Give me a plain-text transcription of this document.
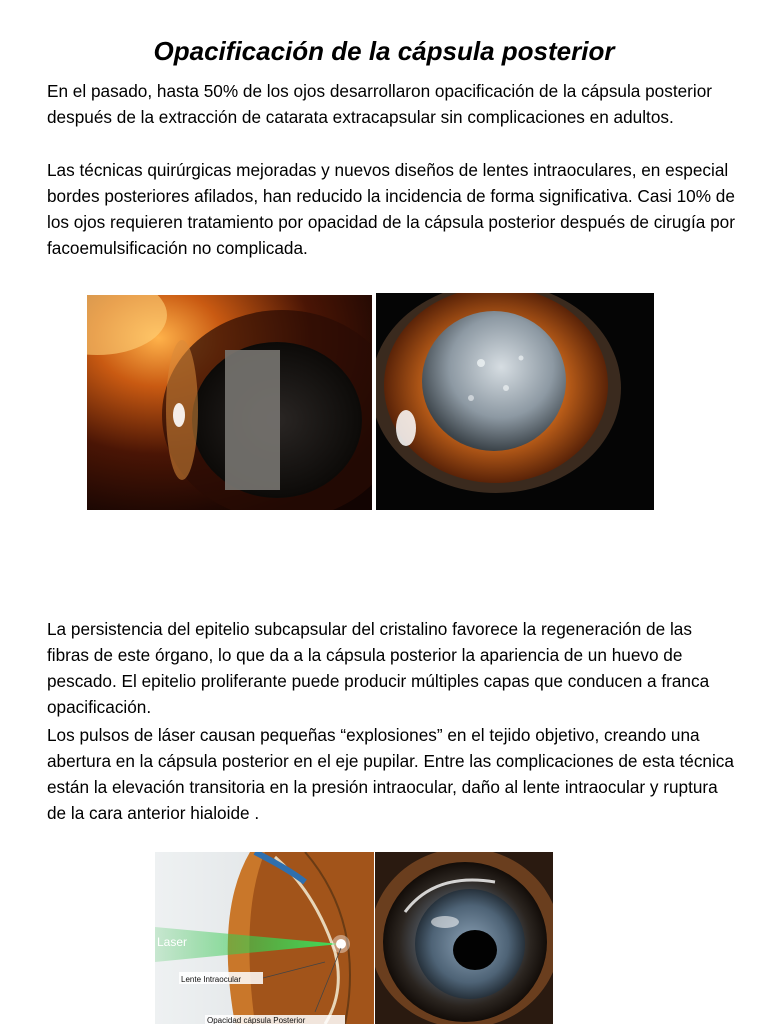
Opacificación de la cápsula posterior

En el pasado, hasta 50% de los ojos desarrollaron opacificación de la cápsula posterior después de la extracción de catarata extracapsular sin complicaciones en adultos.

Las técnicas quirúrgicas mejoradas y nuevos diseños de lentes intraoculares, en especial bordes posteriores afilados, han reducido la incidencia de forma significativa. Casi 10% de los ojos requieren tratamiento por opacidad de la cápsula posterior después de cirugía por facoemulsificación no complicada.

La persistencia del epitelio subcapsular del cristalino favorece la regeneración de las fibras de este órgano, lo que da a la cápsula posterior la apariencia de un huevo de pescado. El epitelio proliferante puede producir múltiples capas que conducen a franca opacificación.

Los pulsos de láser causan pequeñas “explosiones” en el tejido objetivo, creando una abertura en la cápsula posterior en el eje pupilar. Entre las complicaciones de esta técnica están la elevación transitoria en la presión intraocular, daño al lente intraocular y ruptura de la cara anterior hialoide .

Laser
Lente Intraocular
Opacidad cápsula Posterior
